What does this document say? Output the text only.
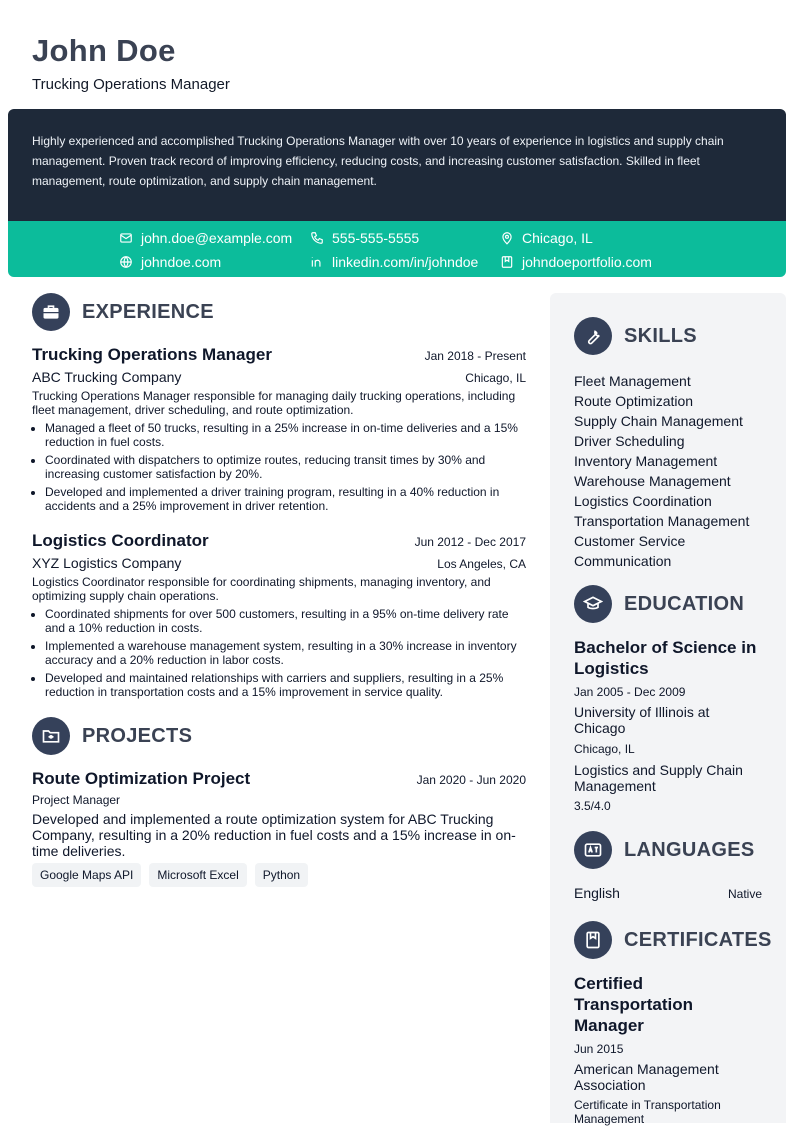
John Doe
Trucking Operations Manager
Highly experienced and accomplished Trucking Operations Manager with over 10 years of experience in logistics and supply chain management. Proven track record of improving efficiency, reducing costs, and increasing customer satisfaction. Skilled in fleet management, route optimization, and supply chain management.
john.doe@example.com	555-555-5555	Chicago, IL
johndoe.com	linkedin.com/in/johndoe	johndoeportfolio.com
EXPERIENCE
Trucking Operations Manager	Jan 2018 - Present
ABC Trucking Company	Chicago, IL
Trucking Operations Manager responsible for managing daily trucking operations, including fleet management, driver scheduling, and route optimization.
• Managed a fleet of 50 trucks, resulting in a 25% increase in on-time deliveries and a 15% reduction in fuel costs.
• Coordinated with dispatchers to optimize routes, reducing transit times by 30% and increasing customer satisfaction by 20%.
• Developed and implemented a driver training program, resulting in a 40% reduction in accidents and a 25% improvement in driver retention.
Logistics Coordinator	Jun 2012 - Dec 2017
XYZ Logistics Company	Los Angeles, CA
Logistics Coordinator responsible for coordinating shipments, managing inventory, and optimizing supply chain operations.
• Coordinated shipments for over 500 customers, resulting in a 95% on-time delivery rate and a 10% reduction in costs.
• Implemented a warehouse management system, resulting in a 30% increase in inventory accuracy and a 20% reduction in labor costs.
• Developed and maintained relationships with carriers and suppliers, resulting in a 25% reduction in transportation costs and a 15% improvement in service quality.
PROJECTS
Route Optimization Project	Jan 2020 - Jun 2020
Project Manager
Developed and implemented a route optimization system for ABC Trucking Company, resulting in a 20% reduction in fuel costs and a 15% increase in on-time deliveries.
Google Maps API	Microsoft Excel	Python
SKILLS
Fleet Management
Route Optimization
Supply Chain Management
Driver Scheduling
Inventory Management
Warehouse Management
Logistics Coordination
Transportation Management
Customer Service
Communication
EDUCATION
Bachelor of Science in Logistics
Jan 2005 - Dec 2009
University of Illinois at Chicago
Chicago, IL
Logistics and Supply Chain Management
3.5/4.0
LANGUAGES
English	Native
CERTIFICATES
Certified Transportation Manager
Jun 2015
American Management Association
Certificate in Transportation Management
